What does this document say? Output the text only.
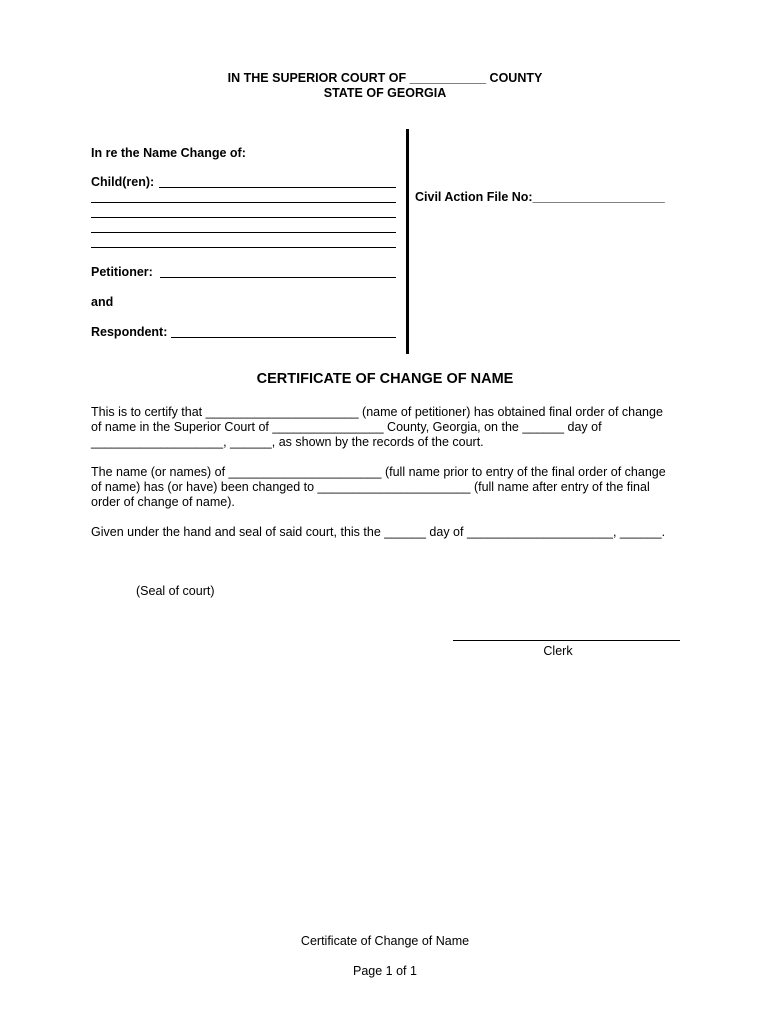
IN THE SUPERIOR COURT OF ___________ COUNTY
STATE OF GEORGIA
In re the Name Change of:
Child(ren):
Petitioner:
and
Respondent:
Civil Action File No:___________________
CERTIFICATE OF CHANGE OF NAME
This is to certify that ______________________ (name of petitioner) has obtained final order of change
of name in the Superior Court of ________________ County, Georgia, on the ______ day of
___________________, ______, as shown by the records of the court.
The name (or names) of ______________________ (full name prior to entry of the final order of change
of name) has (or have) been changed to ______________________ (full name after entry of the final
order of change of name).
Given under the hand and seal of said court, this the ______ day of _____________________, ______.
(Seal of court)
Clerk
Certificate of Change of Name
Page 1 of 1
